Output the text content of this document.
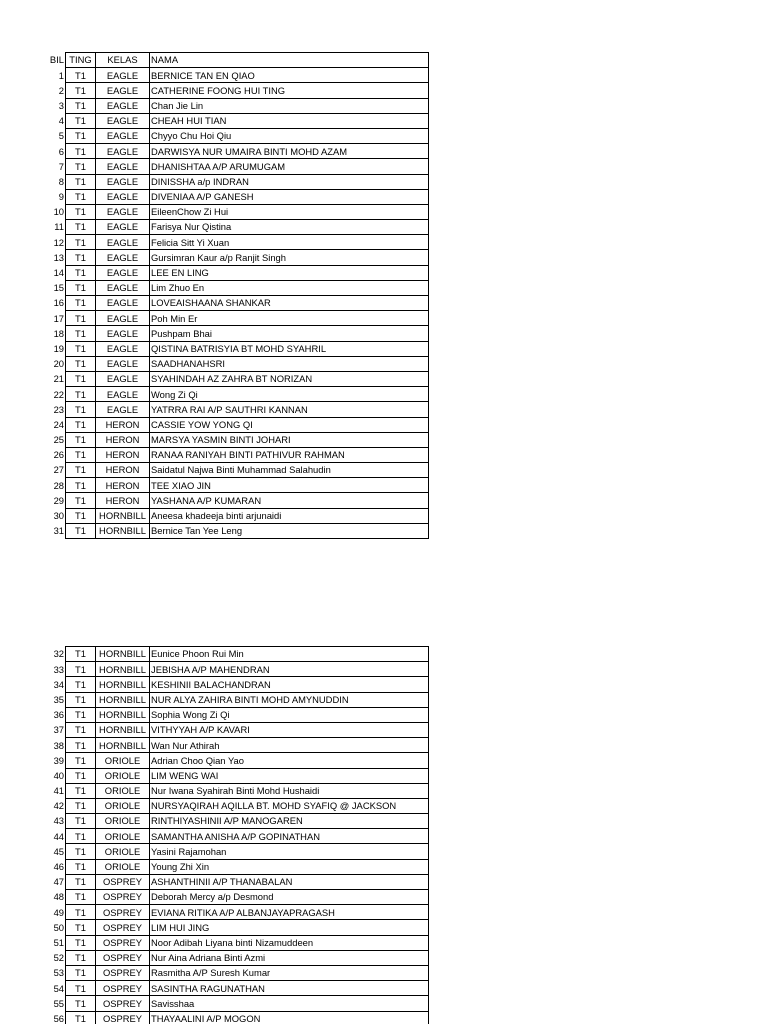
BIL	TING	KELAS	NAMA
1	T1	EAGLE	BERNICE TAN EN QIAO
2	T1	EAGLE	CATHERINE FOONG HUI TING
3	T1	EAGLE	Chan Jie Lin
4	T1	EAGLE	CHEAH HUI TIAN
5	T1	EAGLE	Chyyo Chu Hoi Qiu
6	T1	EAGLE	DARWISYA NUR UMAIRA BINTI MOHD AZAM
7	T1	EAGLE	DHANISHTAA A/P ARUMUGAM
8	T1	EAGLE	DINISSHA a/p INDRAN
9	T1	EAGLE	DIVENIAA A/P GANESH
10	T1	EAGLE	EileenChow Zi Hui
11	T1	EAGLE	Farisya Nur Qistina
12	T1	EAGLE	Felicia Sitt Yi Xuan
13	T1	EAGLE	Gursimran Kaur a/p Ranjit Singh
14	T1	EAGLE	LEE EN LING
15	T1	EAGLE	Lim Zhuo En
16	T1	EAGLE	LOVEAISHAANA SHANKAR
17	T1	EAGLE	Poh Min Er
18	T1	EAGLE	Pushpam Bhai
19	T1	EAGLE	QISTINA BATRISYIA BT MOHD SYAHRIL
20	T1	EAGLE	SAADHANAHSRI
21	T1	EAGLE	SYAHINDAH AZ ZAHRA BT NORIZAN
22	T1	EAGLE	Wong Zi Qi
23	T1	EAGLE	YATRRA RAI A/P SAUTHRI KANNAN
24	T1	HERON	CASSIE YOW YONG QI
25	T1	HERON	MARSYA YASMIN BINTI JOHARI
26	T1	HERON	RANAA RANIYAH BINTI PATHIVUR RAHMAN
27	T1	HERON	Saidatul Najwa Binti Muhammad Salahudin
28	T1	HERON	TEE XIAO JIN
29	T1	HERON	YASHANA A/P KUMARAN
30	T1	HORNBILL	Aneesa khadeeja binti arjunaidi
31	T1	HORNBILL	Bernice Tan Yee Leng
32	T1	HORNBILL	Eunice Phoon Rui Min
33	T1	HORNBILL	JEBISHA A/P MAHENDRAN
34	T1	HORNBILL	KESHINII BALACHANDRAN
35	T1	HORNBILL	NUR ALYA ZAHIRA BINTI MOHD AMYNUDDIN
36	T1	HORNBILL	Sophia Wong Zi Qi
37	T1	HORNBILL	VITHYYAH A/P KAVARI
38	T1	HORNBILL	Wan Nur Athirah
39	T1	ORIOLE	Adrian Choo Qian Yao
40	T1	ORIOLE	LIM WENG WAI
41	T1	ORIOLE	Nur Iwana Syahirah Binti Mohd Hushaidi
42	T1	ORIOLE	NURSYAQIRAH AQILLA BT. MOHD SYAFIQ @ JACKSON
43	T1	ORIOLE	RINTHIYASHINII A/P MANOGAREN
44	T1	ORIOLE	SAMANTHA ANISHA A/P GOPINATHAN
45	T1	ORIOLE	Yasini Rajamohan
46	T1	ORIOLE	Young Zhi Xin
47	T1	OSPREY	ASHANTHINII A/P THANABALAN
48	T1	OSPREY	Deborah Mercy a/p Desmond
49	T1	OSPREY	EVIANA RITIKA A/P ALBANJAYAPRAGASH
50	T1	OSPREY	LIM HUI JING
51	T1	OSPREY	Noor Adibah Liyana binti Nizamuddeen
52	T1	OSPREY	Nur Aina Adriana Binti Azmi
53	T1	OSPREY	Rasmitha A/P Suresh Kumar
54	T1	OSPREY	SASINTHA RAGUNATHAN
55	T1	OSPREY	Savisshaa
56	T1	OSPREY	THAYAALINI A/P MOGON
